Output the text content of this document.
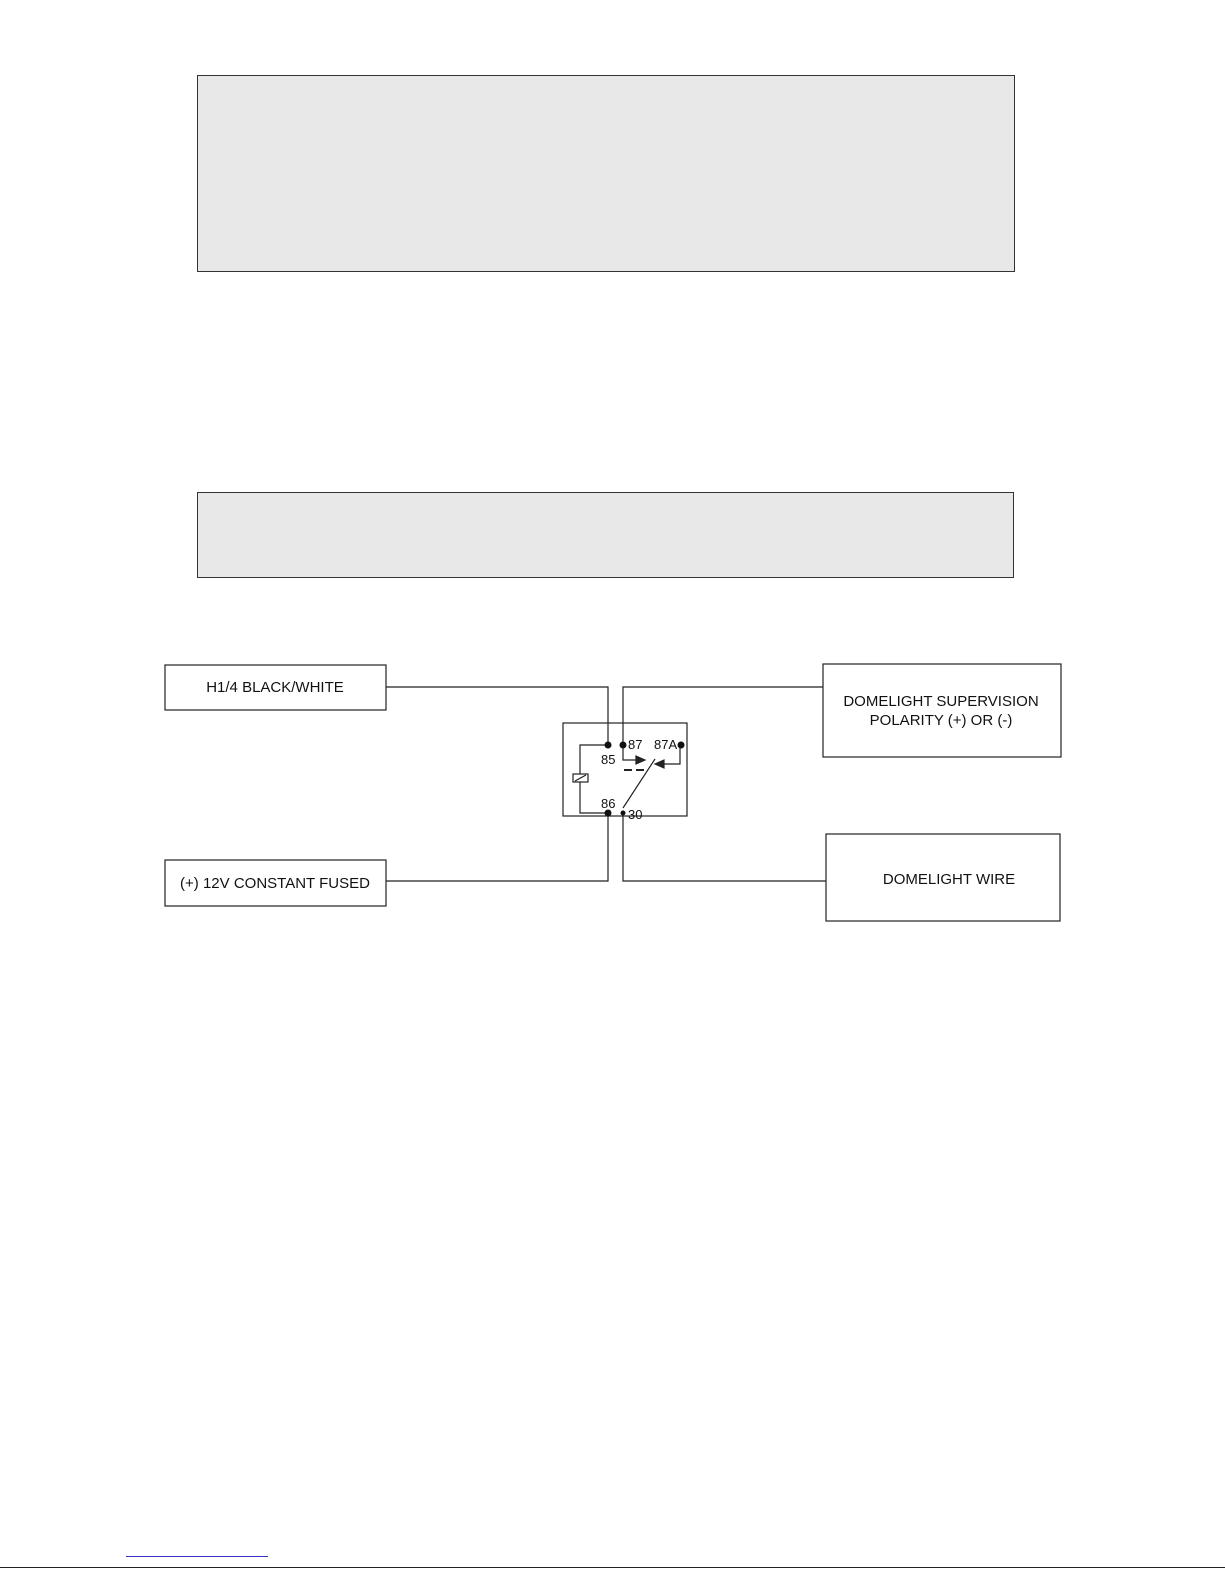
H1/4 BLACK/WHITE
(+) 12V CONSTANT FUSED
DOMELIGHT SUPERVISION
POLARITY (+) OR (-)
DOMELIGHT WIRE
85
87 87A
86
30
